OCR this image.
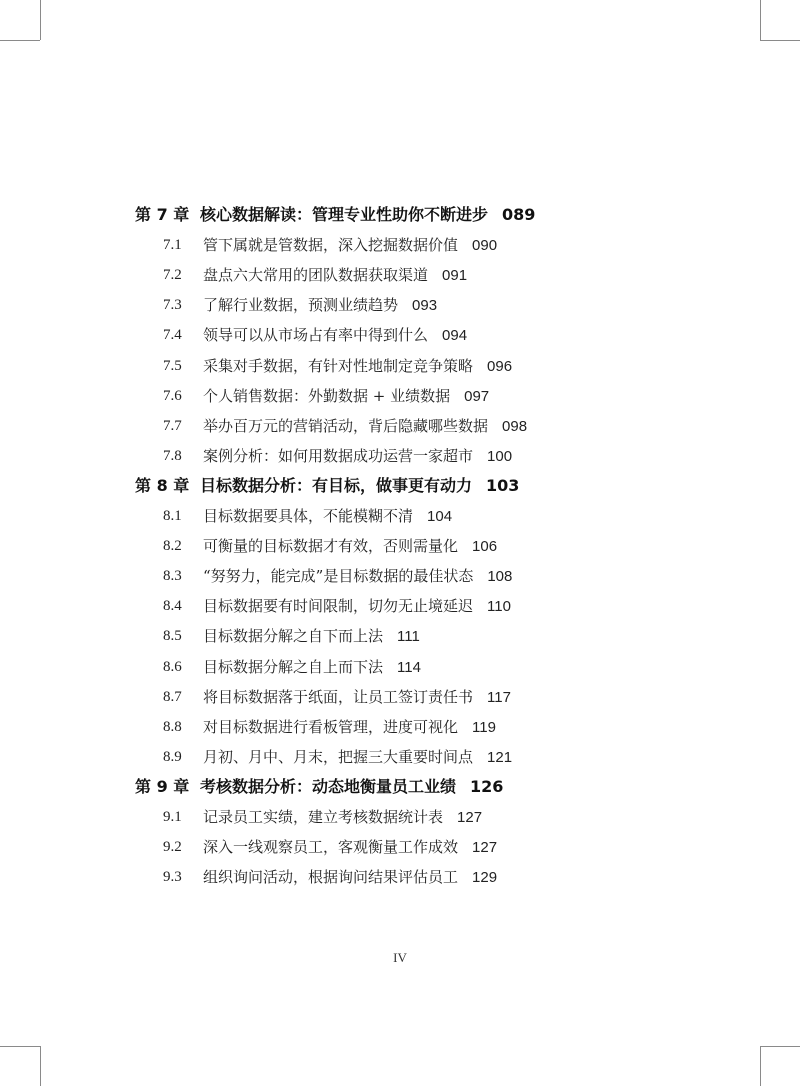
第 7 章 核心数据解读：管理专业性助你不断进步 089
7.1 管下属就是管数据，深入挖掘数据价值 090
7.2 盘点六大常用的团队数据获取渠道 091
7.3 了解行业数据，预测业绩趋势 093
7.4 领导可以从市场占有率中得到什么 094
7.5 采集对手数据，有针对性地制定竞争策略 096
7.6 个人销售数据：外勤数据 + 业绩数据 097
7.7 举办百万元的营销活动，背后隐藏哪些数据 098
7.8 案例分析：如何用数据成功运营一家超市 100
第 8 章 目标数据分析：有目标，做事更有动力 103
8.1 目标数据要具体，不能模糊不清 104
8.2 可衡量的目标数据才有效，否则需量化 106
8.3 “努努力，能完成”是目标数据的最佳状态 108
8.4 目标数据要有时间限制，切勿无止境延迟 110
8.5 目标数据分解之自下而上法 111
8.6 目标数据分解之自上而下法 114
8.7 将目标数据落于纸面，让员工签订责任书 117
8.8 对目标数据进行看板管理，进度可视化 119
8.9 月初、月中、月末，把握三大重要时间点 121
第 9 章 考核数据分析：动态地衡量员工业绩 126
9.1 记录员工实绩，建立考核数据统计表 127
9.2 深入一线观察员工，客观衡量工作成效 127
9.3 组织询问活动，根据询问结果评估员工 129
IV
